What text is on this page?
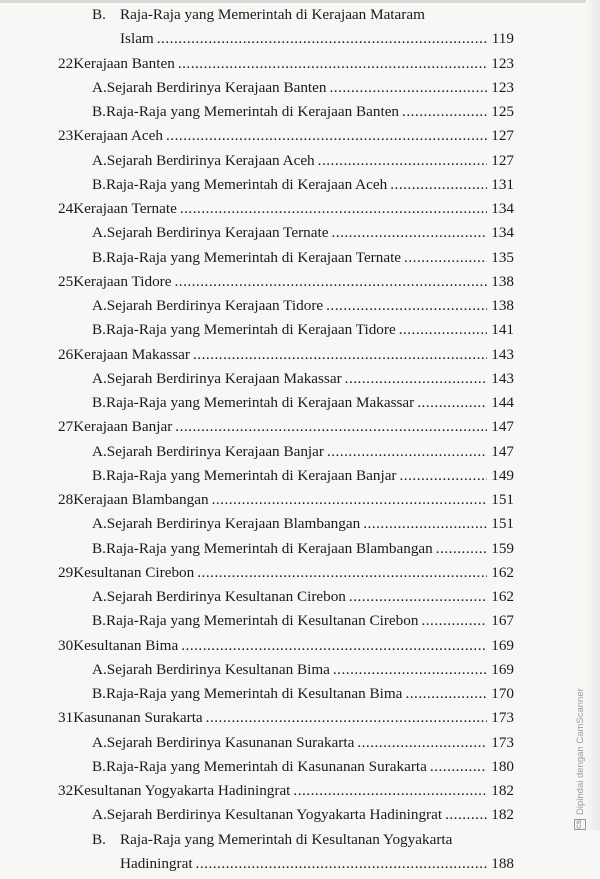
B. Raja-Raja yang Memerintah di Kerajaan Mataram
Islam .....	119
22 Kerajaan Banten .....	123
A. Sejarah Berdirinya Kerajaan Banten .....	123
B. Raja-Raja yang Memerintah di Kerajaan Banten .....	125
23 Kerajaan Aceh .....	127
A. Sejarah Berdirinya Kerajaan Aceh .....	127
B. Raja-Raja yang Memerintah di Kerajaan Aceh .....	131
24 Kerajaan Ternate .....	134
A. Sejarah Berdirinya Kerajaan Ternate .....	134
B. Raja-Raja yang Memerintah di Kerajaan Ternate .....	135
25 Kerajaan Tidore .....	138
A. Sejarah Berdirinya Kerajaan Tidore .....	138
B. Raja-Raja yang Memerintah di Kerajaan Tidore .....	141
26 Kerajaan Makassar .....	143
A. Sejarah Berdirinya Kerajaan Makassar .....	143
B. Raja-Raja yang Memerintah di Kerajaan Makassar .....	144
27 Kerajaan Banjar .....	147
A. Sejarah Berdirinya Kerajaan Banjar .....	147
B. Raja-Raja yang Memerintah di Kerajaan Banjar .....	149
28 Kerajaan Blambangan .....	151
A. Sejarah Berdirinya Kerajaan Blambangan .....	151
B. Raja-Raja yang Memerintah di Kerajaan Blambangan .....	159
29 Kesultanan Cirebon .....	162
A. Sejarah Berdirinya Kesultanan Cirebon .....	162
B. Raja-Raja yang Memerintah di Kesultanan Cirebon .....	167
30 Kesultanan Bima .....	169
A. Sejarah Berdirinya Kesultanan Bima .....	169
B. Raja-Raja yang Memerintah di Kesultanan Bima .....	170
31 Kasunanan Surakarta .....	173
A. Sejarah Berdirinya Kasunanan Surakarta .....	173
B. Raja-Raja yang Memerintah di Kasunanan Surakarta .....	180
32 Kesultanan Yogyakarta Hadiningrat .....	182
A. Sejarah Berdirinya Kesultanan Yogyakarta Hadiningrat .....	182
B. Raja-Raja yang Memerintah di Kesultanan Yogyakarta
Hadiningrat .....	188
CS
Dipindai dengan CamScanner
